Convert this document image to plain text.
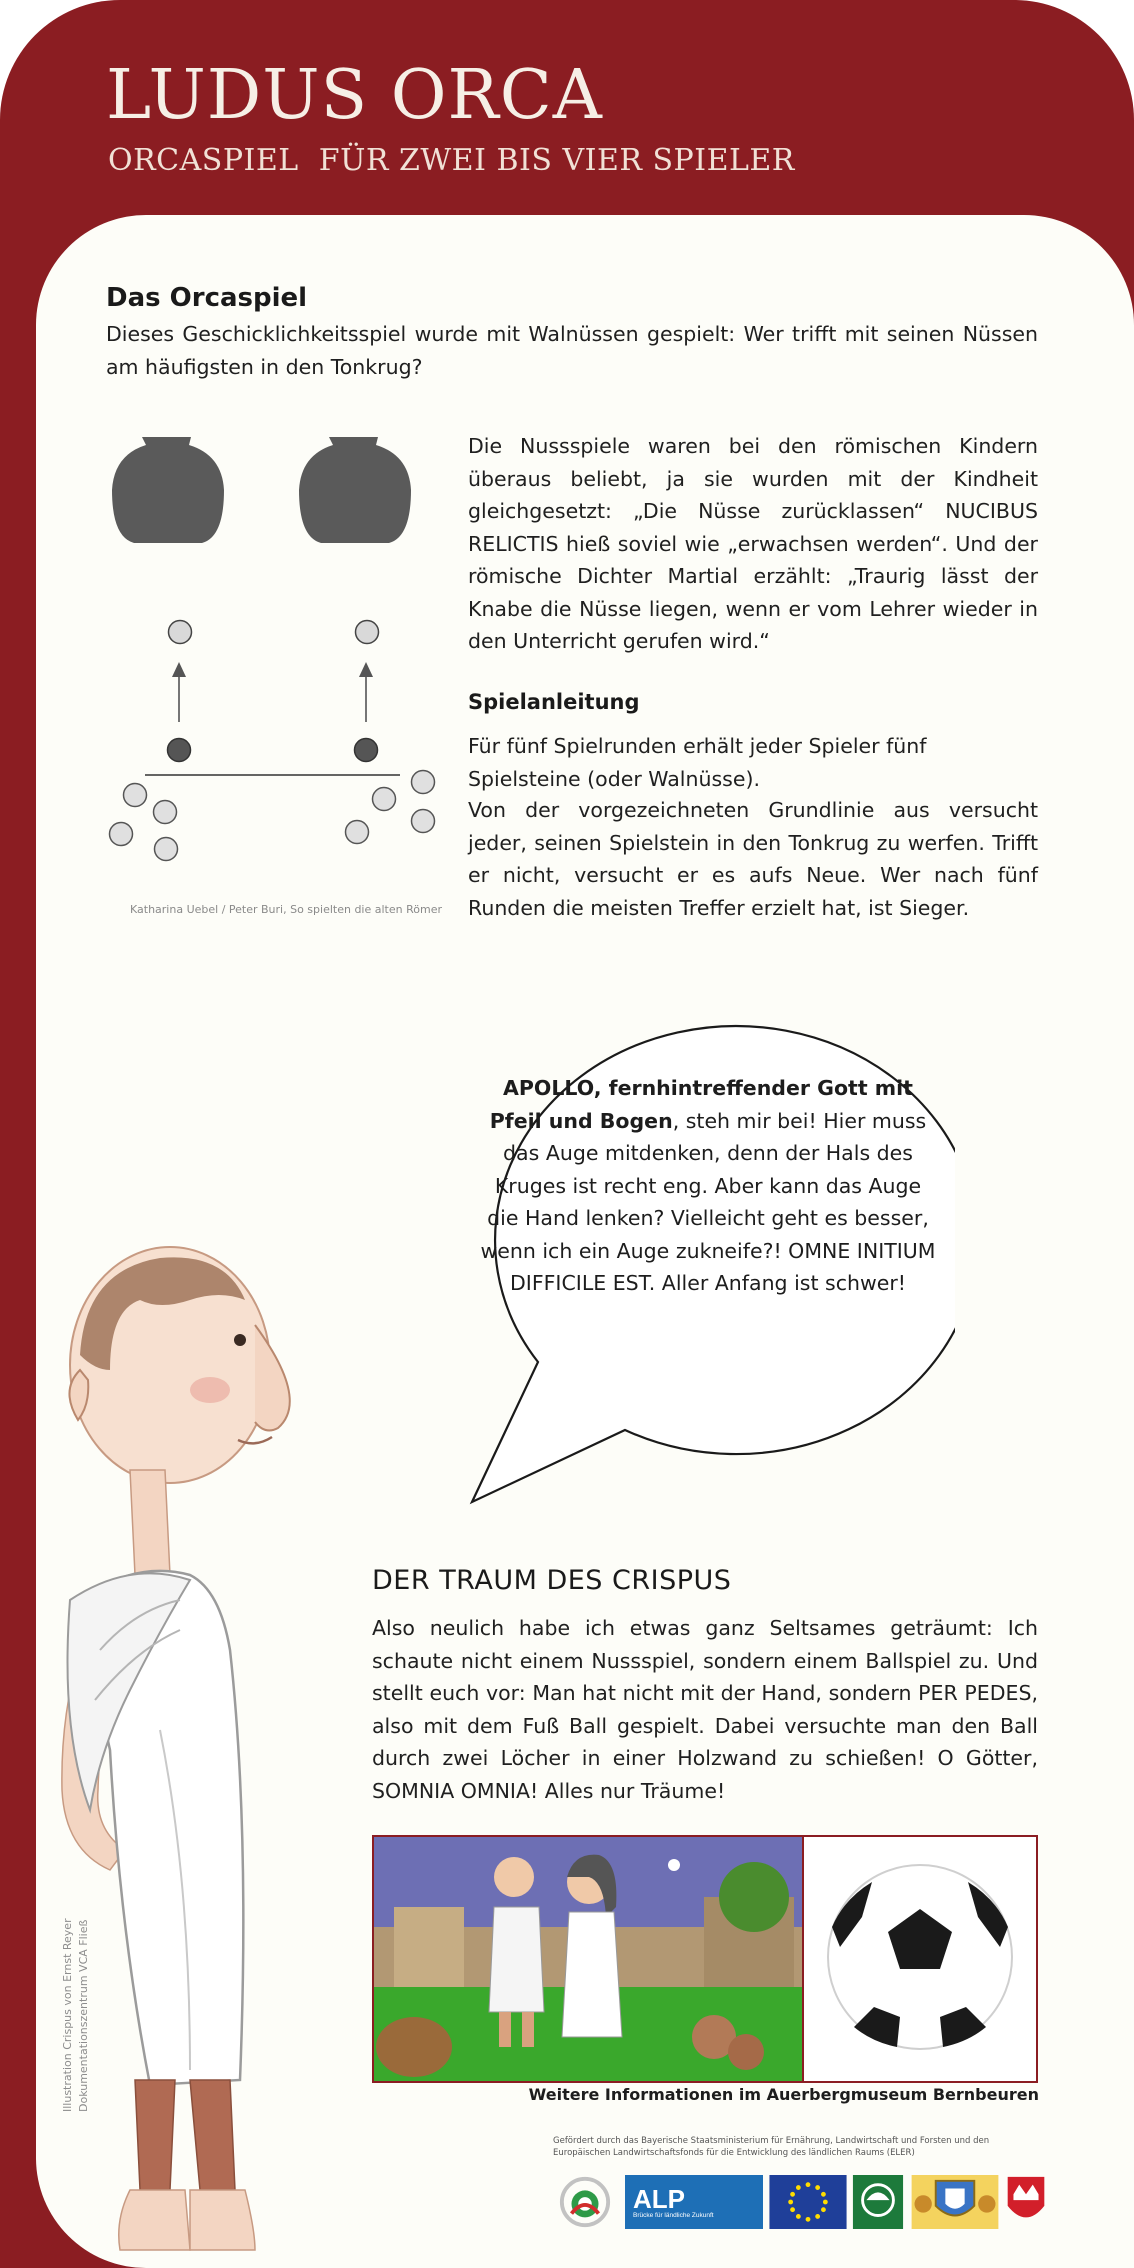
LUDUS ORCA
ORCASPIEL  FÜR ZWEI BIS VIER SPIELER
Das Orcaspiel

Dieses Geschicklichkeitsspiel wurde mit Walnüssen gespielt: Wer trifft mit seinen Nüssen am häufigsten in den Tonkrug?

Katharina Uebel / Peter Buri, So spielten die alten Römer

Die Nussspiele waren bei den römischen Kindern überaus beliebt, ja sie wurden mit der Kindheit gleichgesetzt: „Die Nüsse zurücklassen“ NUCIBUS RELICTIS hieß soviel wie „erwachsen werden“. Und der römische Dichter Martial erzählt: „Traurig lässt der Knabe die Nüsse liegen, wenn er vom Lehrer wieder in den Unterricht gerufen wird.“

Spielanleitung

Für fünf Spielrunden erhält jeder Spieler fünf Spielsteine (oder Walnüsse).

Von der vorgezeichneten Grundlinie aus versucht jeder, seinen Spielstein in den Tonkrug zu werfen. Trifft er nicht, versucht er es aufs Neue. Wer nach fünf Runden die meisten Treffer erzielt hat, ist Sieger.

APOLLO, fernhintreffender Gott mit Pfeil und Bogen, steh mir bei! Hier muss das Auge mitdenken, denn der Hals des Kruges ist recht eng. Aber kann das Auge die Hand lenken? Vielleicht geht es besser, wenn ich ein Auge zukneife?! OMNE INITIUM DIFFICILE EST. Aller Anfang ist schwer!
DER TRAUM DES CRISPUS

Also neulich habe ich etwas ganz Seltsames geträumt: Ich schaute nicht einem Nussspiel, sondern einem Ballspiel zu. Und stellt euch vor: Man hat nicht mit der Hand, sondern PER PEDES, also mit dem Fuß Ball gespielt. Dabei versuchte man den Ball durch zwei Löcher in einer Holzwand zu schießen! O Götter, SOMNIA OMNIA! Alles nur Träume!

Illustration Crispus von Ernst Reyer Dokumentationszentrum VCA Fließ	Weitere Informationen im Auerbergmuseum Bernbeuren
Gefördert durch das Bayerische Staatsministerium für Ernährung, Landwirtschaft und Forsten und den Europäischen Landwirtschaftsfonds für die Entwicklung des ländlichen Raums (ELER)
ALP
Brücke für ländliche Zukunft
